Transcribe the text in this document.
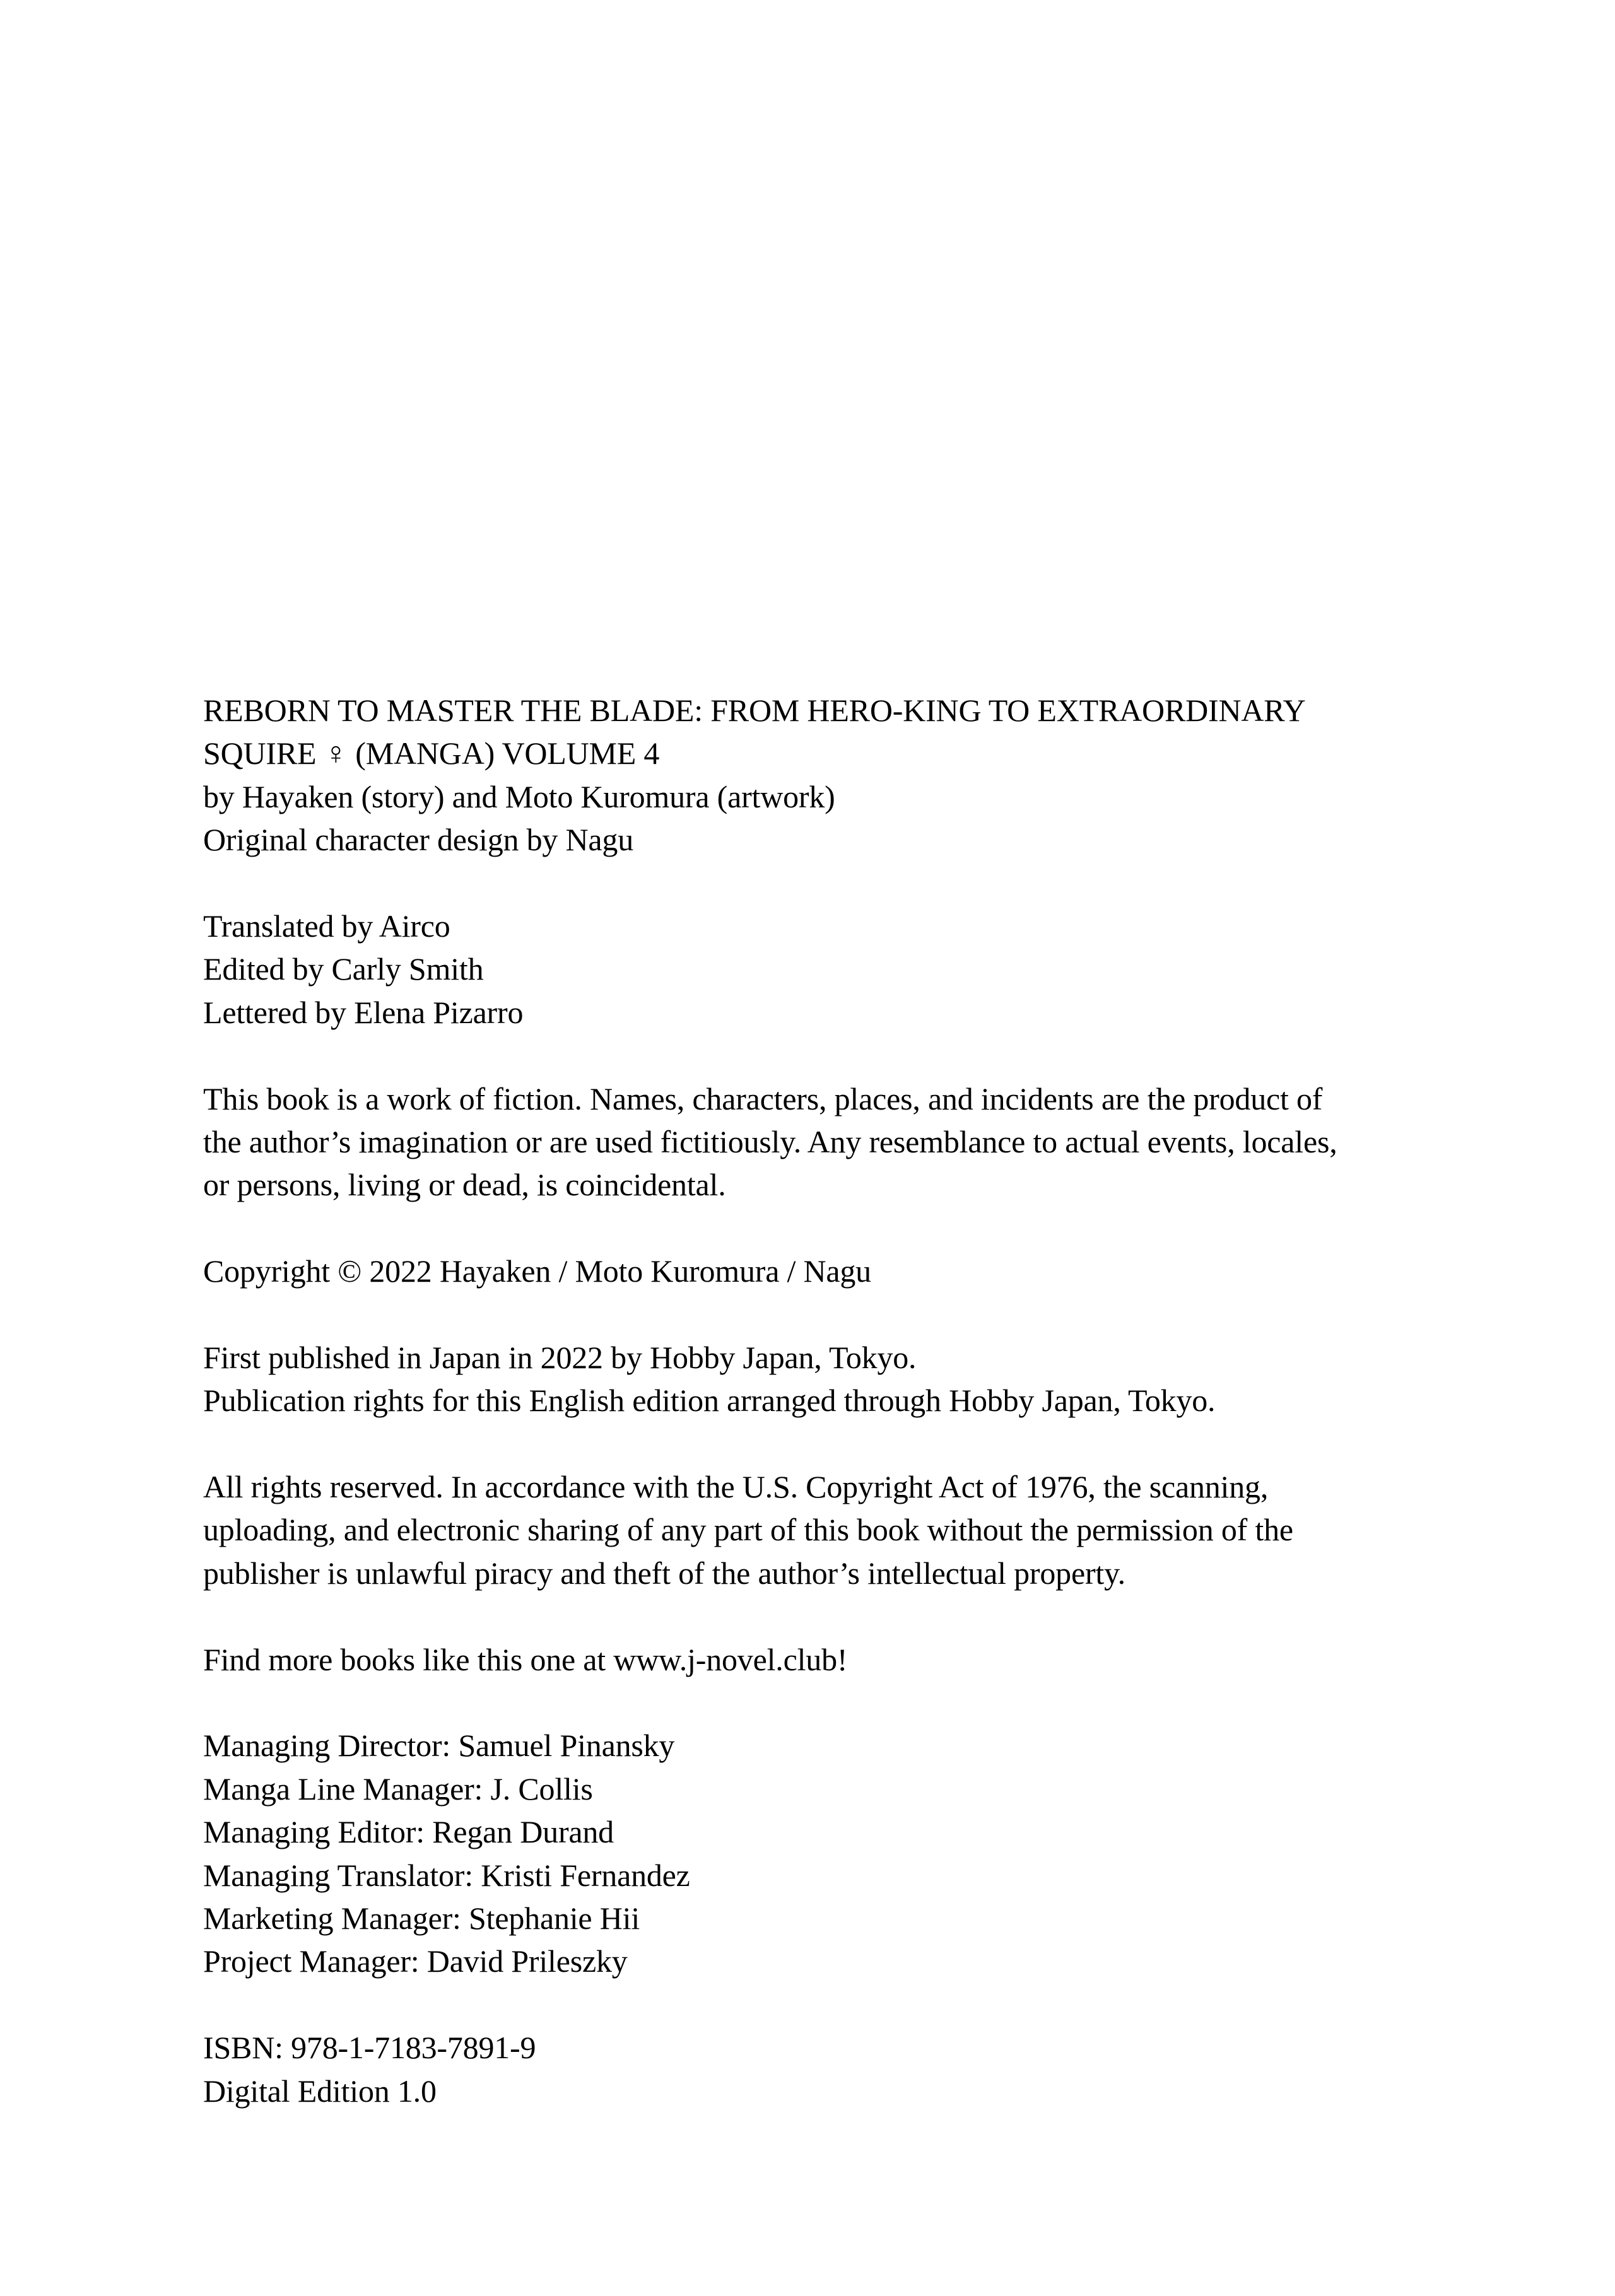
REBORN TO MASTER THE BLADE: FROM HERO-KING TO EXTRAORDINARY
SQUIRE ♀ (MANGA) VOLUME 4
by Hayaken (story) and Moto Kuromura (artwork)
Original character design by Nagu
Translated by Airco
Edited by Carly Smith
Lettered by Elena Pizarro
This book is a work of fiction. Names, characters, places, and incidents are the product of
the author’s imagination or are used fictitiously. Any resemblance to actual events, locales,
or persons, living or dead, is coincidental.
Copyright © 2022 Hayaken / Moto Kuromura / Nagu
First published in Japan in 2022 by Hobby Japan, Tokyo.
Publication rights for this English edition arranged through Hobby Japan, Tokyo.
All rights reserved. In accordance with the U.S. Copyright Act of 1976, the scanning,
uploading, and electronic sharing of any part of this book without the permission of the
publisher is unlawful piracy and theft of the author’s intellectual property.
Find more books like this one at www.j-novel.club!
Managing Director: Samuel Pinansky
Manga Line Manager: J. Collis
Managing Editor: Regan Durand
Managing Translator: Kristi Fernandez
Marketing Manager: Stephanie Hii
Project Manager: David Prileszky
ISBN: 978-1-7183-7891-9
Digital Edition 1.0
